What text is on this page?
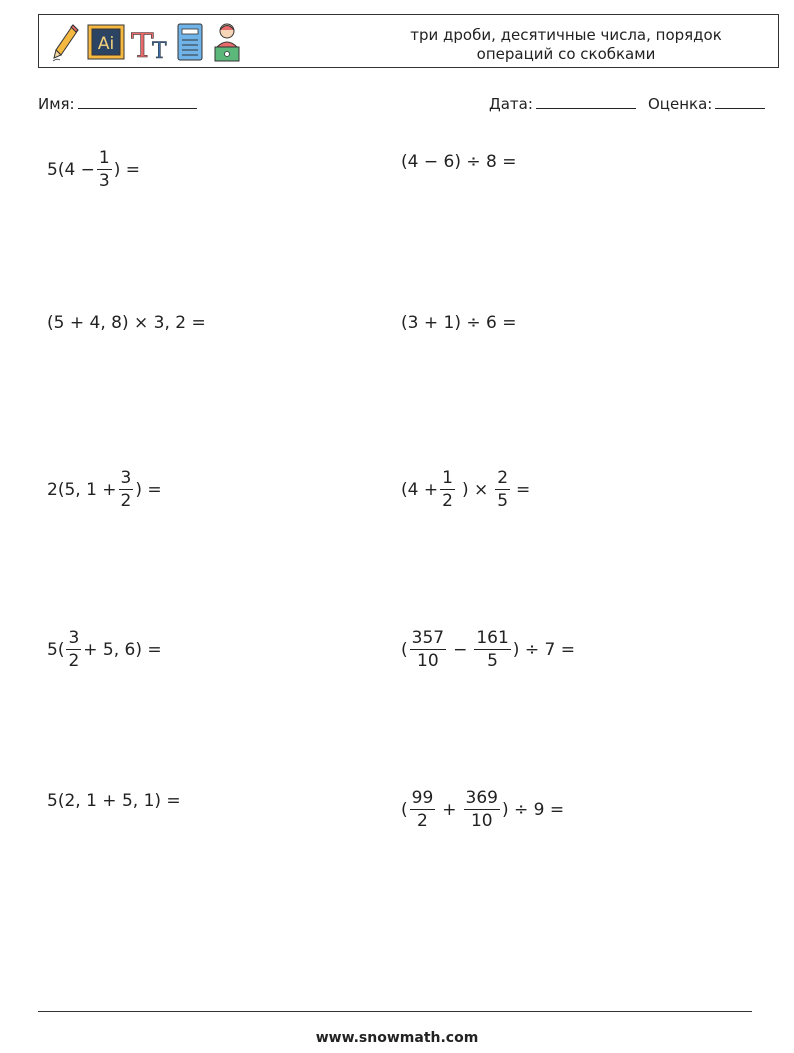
Ai T
T
три дроби, десятичные числа, порядок
операций со скобками
Имя:	Дата:	Оценка:
$5(4 - \frac{1}{3}$ ) =	(4 − 6) ÷ 8 =
(5 + 4, 8) × 3, 2 =	(3 + 1) ÷ 6 =
2(5, $1 + \frac{3}{2}$ ) =	($4 + \frac{1}{2}$ ) × $\frac{2}{5}$ =
$5( \frac{3}{2} + 5$, 6) =	( $\frac{357}{10} - \frac{161}{5}$ ) ÷ 7 =
5(2, 1 + 5, 1) =	( $\frac{99}{2} + \frac{369}{10}$ ) ÷ 9 =
www.snowmath.com
